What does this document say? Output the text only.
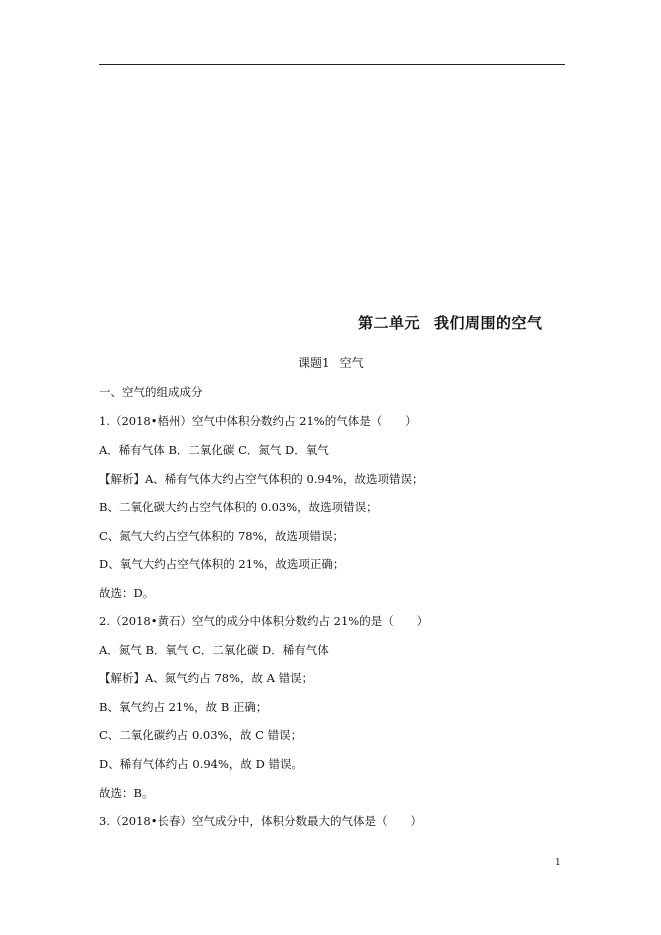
第二单元 我们周围的空气
课题1 空气
一、空气的组成成分
1.（2018•梧州）空气中体积分数约占 21%的气体是（　　）
A．稀有气体 B．二氧化碳 C．氮气 D．氧气
【解析】A、稀有气体大约占空气体积的 0.94%，故选项错误；
B、二氧化碳大约占空气体积的 0.03%，故选项错误；
C、氮气大约占空气体积的 78%，故选项错误；
D、氧气大约占空气体积的 21%，故选项正确；
故选：D。
2.（2018•黄石）空气的成分中体积分数约占 21%的是（　　）
A．氮气 B．氧气 C．二氧化碳 D．稀有气体
【解析】A、氮气约占 78%，故 A 错误；
B、氧气约占 21%，故 B 正确；
C、二氧化碳约占 0.03%，故 C 错误；
D、稀有气体约占 0.94%，故 D 错误。
故选：B。
3.（2018•长春）空气成分中，体积分数最大的气体是（　　）
1
